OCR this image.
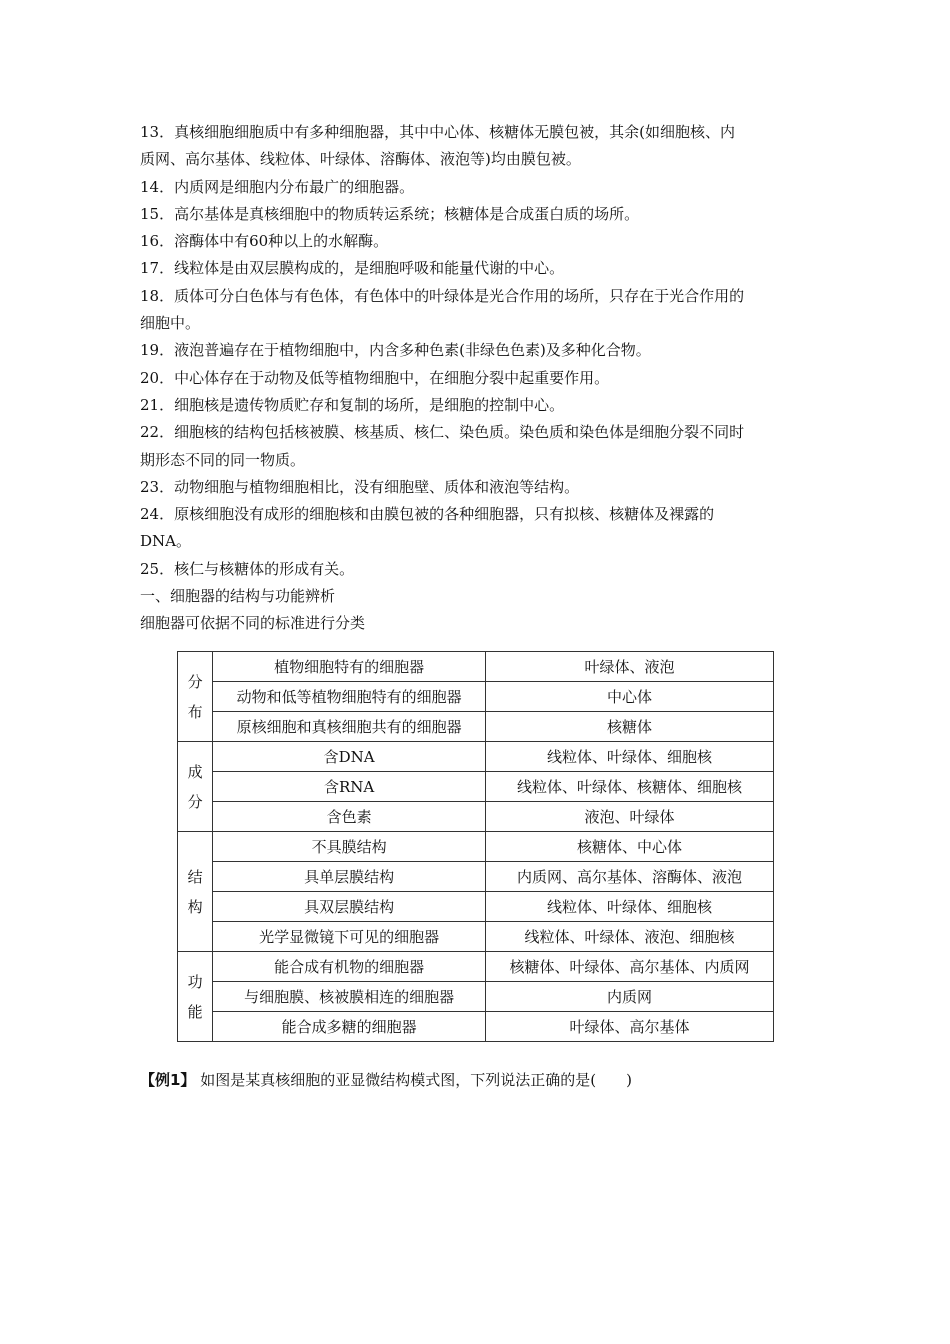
13．真核细胞细胞质中有多种细胞器，其中中心体、核糖体无膜包被，其余(如细胞核、内
质网、高尔基体、线粒体、叶绿体、溶酶体、液泡等)均由膜包被。
14．内质网是细胞内分布最广的细胞器。
15．高尔基体是真核细胞中的物质转运系统；核糖体是合成蛋白质的场所。
16．溶酶体中有60种以上的水解酶。
17．线粒体是由双层膜构成的，是细胞呼吸和能量代谢的中心。
18．质体可分白色体与有色体，有色体中的叶绿体是光合作用的场所，只存在于光合作用的
细胞中。
19．液泡普遍存在于植物细胞中，内含多种色素(非绿色色素)及多种化合物。
20．中心体存在于动物及低等植物细胞中，在细胞分裂中起重要作用。
21．细胞核是遗传物质贮存和复制的场所，是细胞的控制中心。
22．细胞核的结构包括核被膜、核基质、核仁、染色质。染色质和染色体是细胞分裂不同时
期形态不同的同一物质。
23．动物细胞与植物细胞相比，没有细胞壁、质体和液泡等结构。
24．原核细胞没有成形的细胞核和由膜包被的各种细胞器，只有拟核、核糖体及裸露的
DNA。
25．核仁与核糖体的形成有关。
一、细胞器的结构与功能辨析
细胞器可依据不同的标准进行分类
分
布	植物细胞特有的细胞器	叶绿体、液泡
	动物和低等植物细胞特有的细胞器	中心体
	原核细胞和真核细胞共有的细胞器	核糖体

成
分	含DNA	线粒体、叶绿体、细胞核
	含RNA	线粒体、叶绿体、核糖体、细胞核
	含色素	液泡、叶绿体

结
构	不具膜结构	核糖体、中心体
	具单层膜结构	内质网、高尔基体、溶酶体、液泡
	具双层膜结构	线粒体、叶绿体、细胞核
	光学显微镜下可见的细胞器	线粒体、叶绿体、液泡、细胞核

功
能	能合成有机物的细胞器	核糖体、叶绿体、高尔基体、内质网
	与细胞膜、核被膜相连的细胞器	内质网
	能合成多糖的细胞器	叶绿体、高尔基体
【例1】 如图是某真核细胞的亚显微结构模式图，下列说法正确的是(　　)
